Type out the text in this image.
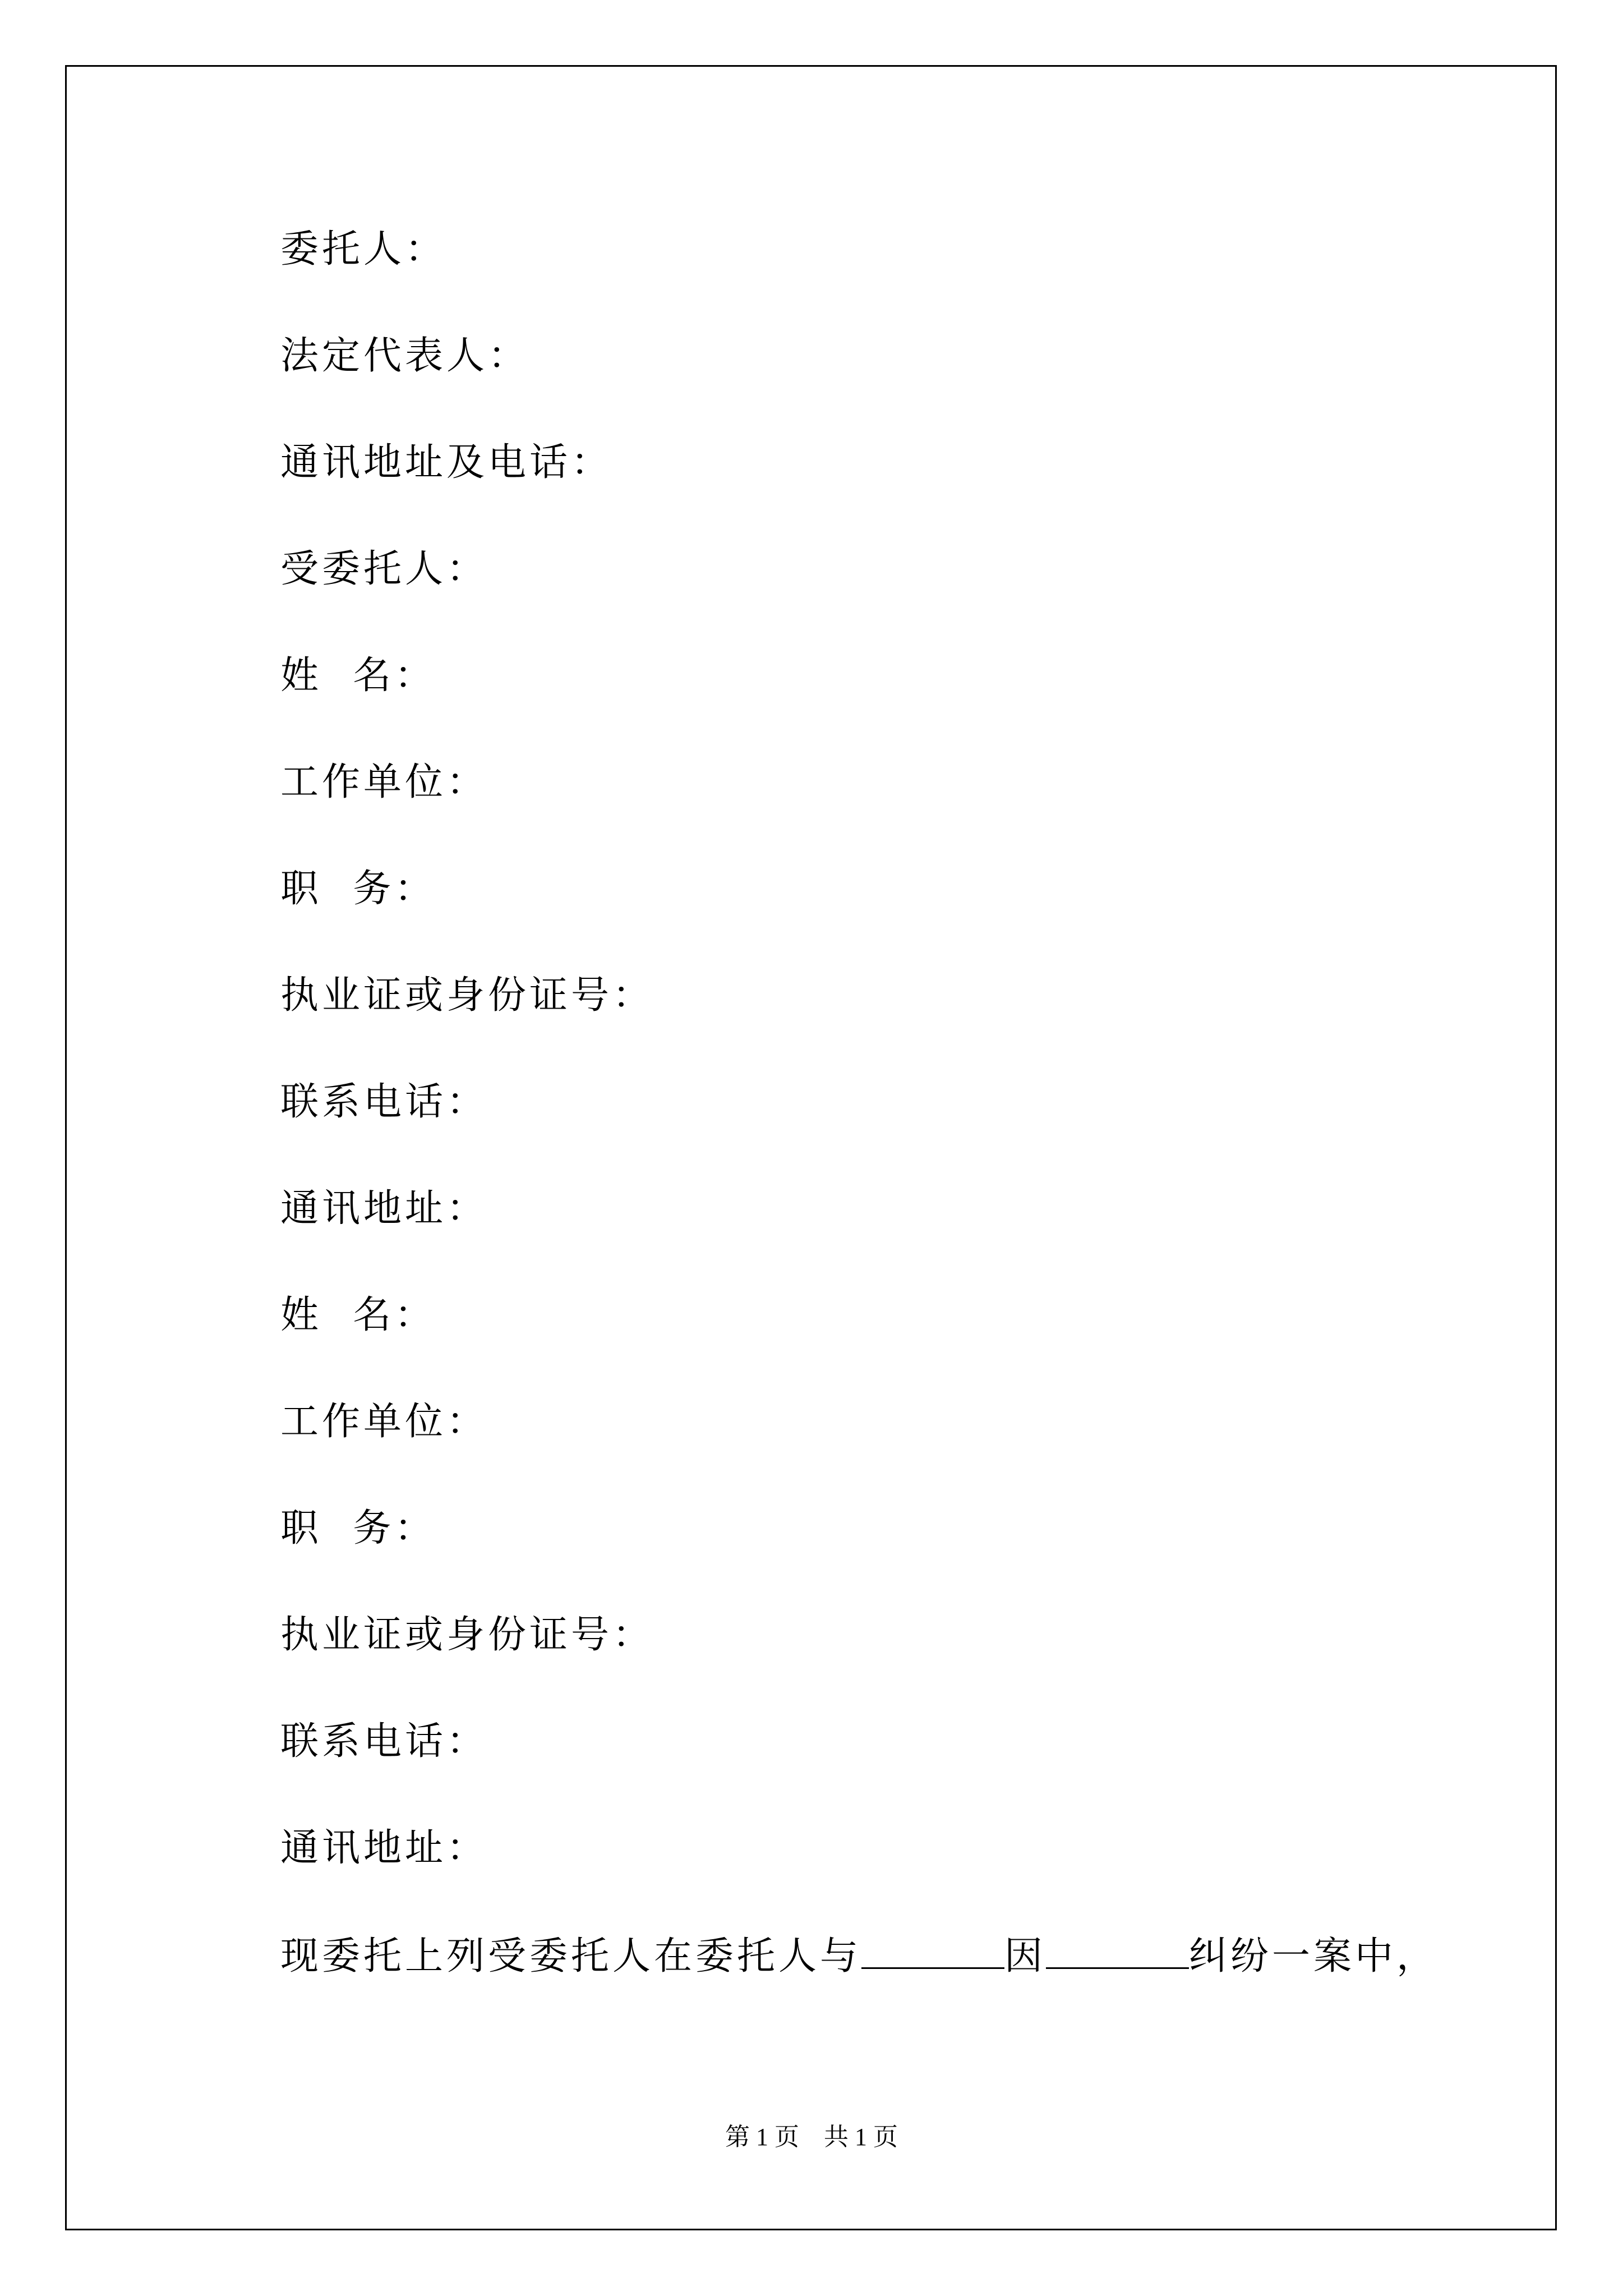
委托人：
法定代表人：
通讯地址及电话：
受委托人：
姓  名：
工作单位：
职  务：
执业证或身份证号：
联系电话：
通讯地址：
姓  名：
工作单位：
职  务：
执业证或身份证号：
联系电话：
通讯地址：
现委托上列受委托人在委托人与	因	纠纷一案中，
第 1 页 共 1 页
